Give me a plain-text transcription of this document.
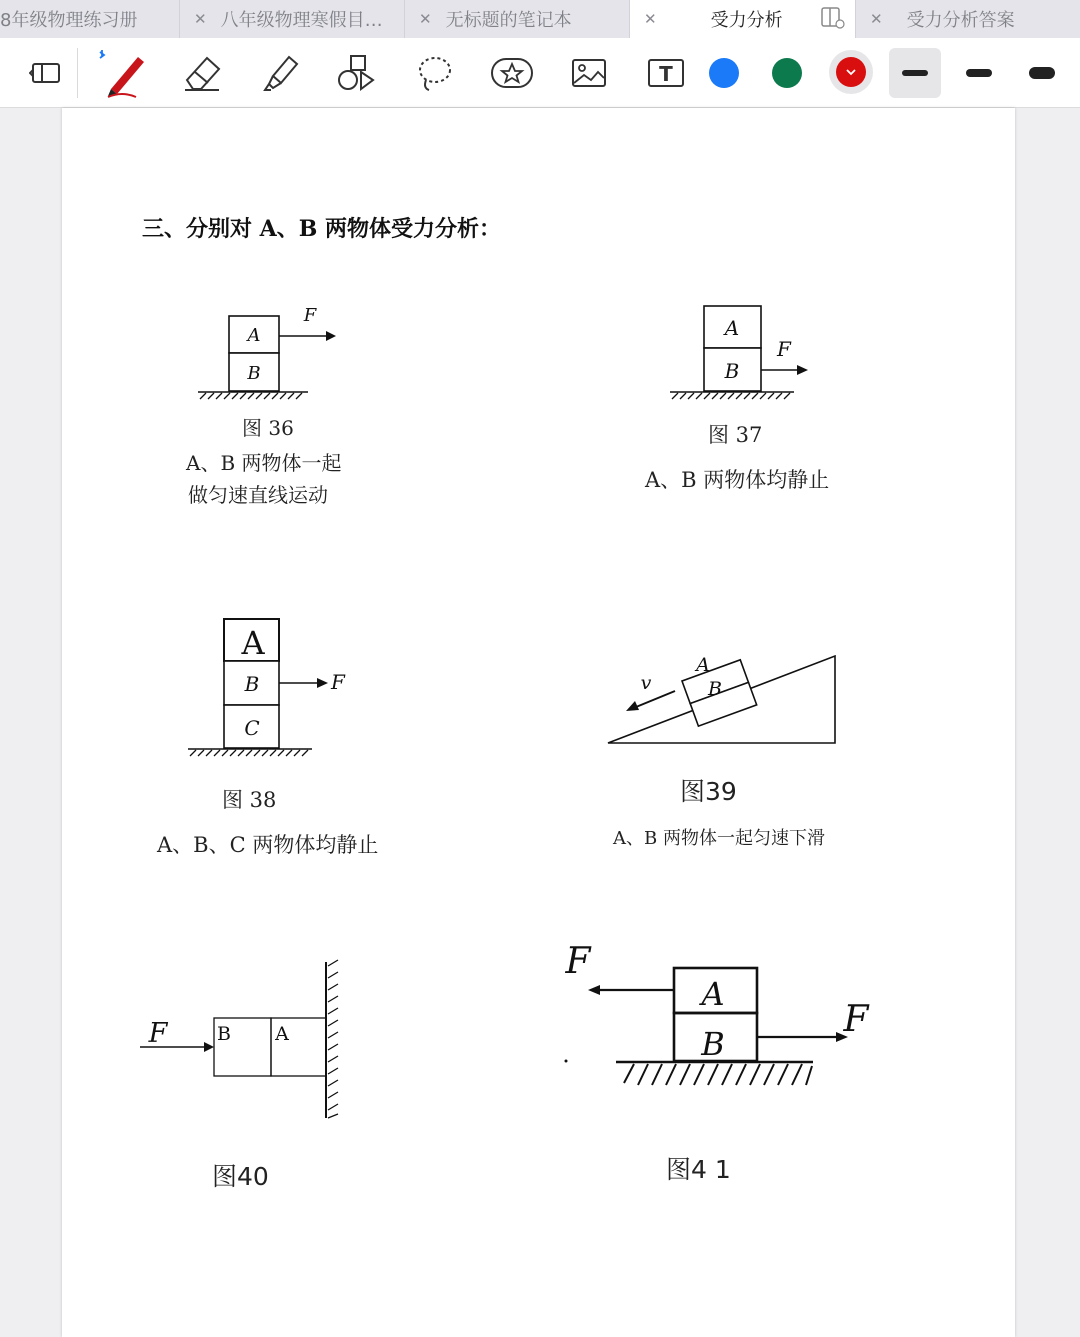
8年级物理练习册	✕ 八年级物理寒假目… ✕ 无标题的笔记本	✕	受力分析	✕ 受力分析答案
T
三、分别对 A、B 两物体受力分析：
A
B
F
图 36
A、B 两物体一起
做匀速直线运动
A
B
F
图 37
A、B 两物体均静止
A
B
C
F
图 38
A、B、C 两物体均静止
A
B
v
图39
A、B 两物体一起匀速下滑
F	B A
图40
F
A
B
F
图4 1
